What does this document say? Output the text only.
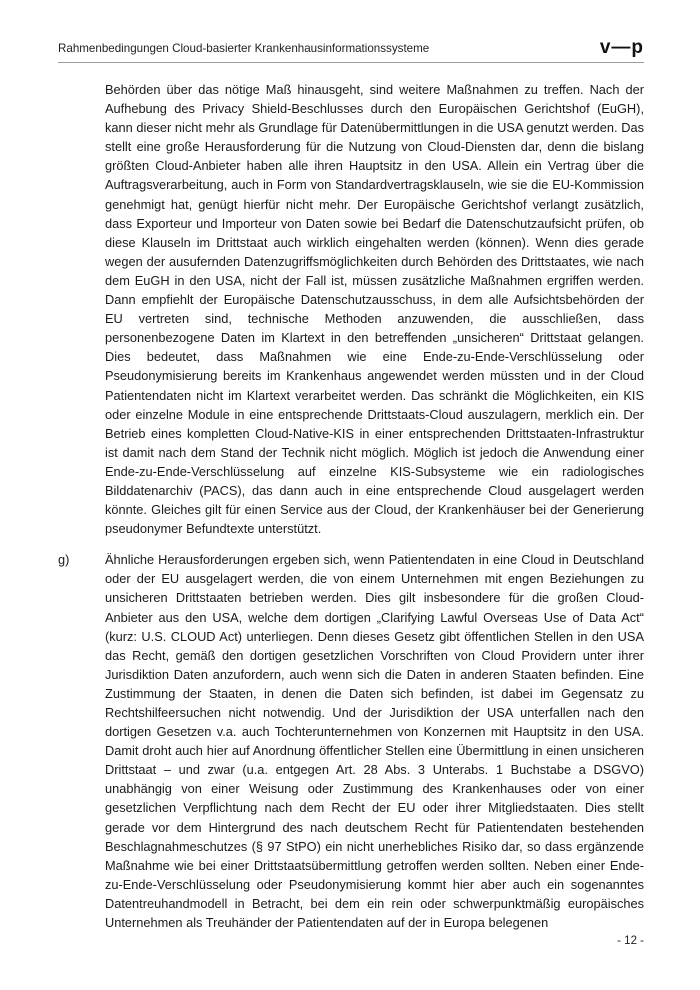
Rahmenbedingungen Cloud-basierter Krankenhausinformationssysteme	v—p

Behörden über das nötige Maß hinausgeht, sind weitere Maßnahmen zu treffen. Nach der Aufhebung des Privacy Shield-Beschlusses durch den Europäischen Gerichtshof (EuGH), kann dieser nicht mehr als Grundlage für Datenübermittlungen in die USA genutzt werden. Das stellt eine große Herausforderung für die Nutzung von Cloud-Diensten dar, denn die bislang größten Cloud-Anbieter haben alle ihren Hauptsitz in den USA. Allein ein Vertrag über die Auftragsverarbeitung, auch in Form von Standardvertragsklauseln, wie sie die EU-Kommission genehmigt hat, genügt hierfür nicht mehr. Der Europäische Gerichtshof verlangt zusätzlich, dass Exporteur und Importeur von Daten sowie bei Bedarf die Datenschutzaufsicht prüfen, ob diese Klauseln im Drittstaat auch wirklich eingehalten werden (können). Wenn dies gerade wegen der ausufernden Datenzugriffsmöglichkeiten durch Behörden des Drittstaates, wie nach dem EuGH in den USA, nicht der Fall ist, müssen zusätzliche Maßnahmen ergriffen werden. Dann empfiehlt der Europäische Datenschutzausschuss, in dem alle Aufsichtsbehörden der EU vertreten sind, technische Methoden anzuwenden, die ausschließen, dass personenbezogene Daten im Klartext in den betreffenden „unsicheren“ Drittstaat gelangen. Dies bedeutet, dass Maßnahmen wie eine Ende-zu-Ende-Verschlüsselung oder Pseudonymisierung bereits im Krankenhaus angewendet werden müssten und in der Cloud Patientendaten nicht im Klartext verarbeitet werden. Das schränkt die Möglichkeiten, ein KIS oder einzelne Module in eine entsprechende Drittstaats-Cloud auszulagern, merklich ein. Der Betrieb eines kompletten Cloud-Native-KIS in einer entsprechenden Drittstaaten-Infrastruktur ist damit nach dem Stand der Technik nicht möglich. Möglich ist jedoch die Anwendung einer Ende-zu-Ende-Verschlüsselung auf einzelne KIS-Subsysteme wie ein radiologisches Bilddatenarchiv (PACS), das dann auch in eine entsprechende Cloud ausgelagert werden könnte. Gleiches gilt für einen Service aus der Cloud, der Krankenhäuser bei der Generierung pseudonymer Befundtexte unterstützt.

g)	Ähnliche Herausforderungen ergeben sich, wenn Patientendaten in eine Cloud in Deutschland oder der EU ausgelagert werden, die von einem Unternehmen mit engen Beziehungen zu unsicheren Drittstaaten betrieben werden. Dies gilt insbesondere für die großen Cloud-Anbieter aus den USA, welche dem dortigen „Clarifying Lawful Overseas Use of Data Act“ (kurz: U.S. CLOUD Act) unterliegen. Denn dieses Gesetz gibt öffentlichen Stellen in den USA das Recht, gemäß den dortigen gesetzlichen Vorschriften von Cloud Providern unter ihrer Jurisdiktion Daten anzufordern, auch wenn sich die Daten in anderen Staaten befinden. Eine Zustimmung der Staaten, in denen die Daten sich befinden, ist dabei im Gegensatz zu Rechtshilfeersuchen nicht notwendig. Und der Jurisdiktion der USA unterfallen nach den dortigen Gesetzen v.a. auch Tochterunternehmen von Konzernen mit Hauptsitz in den USA. Damit droht auch hier auf Anordnung öffentlicher Stellen eine Übermittlung in einen unsicheren Drittstaat – und zwar (u.a. entgegen Art. 28 Abs. 3 Unterabs. 1 Buchstabe a DSGVO) unabhängig von einer Weisung oder Zustimmung des Krankenhauses oder von einer gesetzlichen Verpflichtung nach dem Recht der EU oder ihrer Mitgliedstaaten. Dies stellt gerade vor dem Hintergrund des nach deutschem Recht für Patientendaten bestehenden Beschlagnahmeschutzes (§ 97 StPO) ein nicht unerhebliches Risiko dar, so dass ergänzende Maßnahme wie bei einer Drittstaatsübermittlung getroffen werden sollten. Neben einer Ende-zu-Ende-Verschlüsselung oder Pseudonymisierung kommt hier aber auch ein sogenanntes Datentreuhandmodell in Betracht, bei dem ein rein oder schwerpunktmäßig europäisches Unternehmen als Treuhänder der Patientendaten auf der in Europa belegenen

- 12 -
